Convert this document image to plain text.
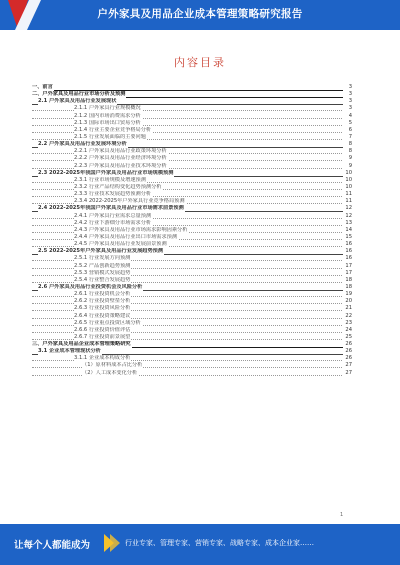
户外家具及用品企业成本管理策略研究报告
内容目录
一、前言	3
二、户外家具及用品行业市场分析及预测	3
2.1 户外家具及用品行业发展现状	3
2.1.1 户外家具行业规模概况	3
2.1.2 国内市场消费需求分析	4
2.1.3 国际市场出口贸易分析	5
2.1.4 行业主要企业竞争格局分析	6
2.1.5 行业发展面临的主要问题	7
2.2 户外家具及用品行业发展环境分析	8
2.2.1 户外家具及用品行业政策环境分析	8
2.2.2 户外家具及用品行业经济环境分析	9
2.2.3 户外家具及用品行业技术环境分析	9
2.3 2022-2025年我国户外家具及用品行业市场规模预测	10
2.3.1 行业市场规模及增速预测	10
2.3.2 行业产品结构变化趋势预测分析	10
2.3.3 行业技术发展趋势预测分析	11
2.3.4 2022-2025年户外家具行业竞争格局预测	11
2.4 2022-2025年我国户外家具及用品行业市场需求前景预测	12
2.4.1 户外家具行业需求总量预测	12
2.4.2 行业下游细分市场需求分析	13
2.4.3 户外家具及用品行业市场需求影响因素分析	14
2.4.4 户外家具及用品行业出口市场需求预测	15
2.4.5 户外家具及用品行业发展前景预测	16
2.5 2022-2025年户外家具及用品行业发展趋势预测	16
2.5.1 行业发展方向预测	16
2.5.2 产品创新趋势预测	17
2.5.3 营销模式发展趋势	17
2.5.4 行业整合发展趋势	18
2.6 户外家具及用品行业投资机会及风险分析	18
2.6.1 行业投资机会分析	19
2.6.2 行业投资壁垒分析	20
2.6.3 行业投资风险分析	21
2.6.4 行业投资策略建议	22
2.6.5 行业重点投资区域分析	23
2.6.6 行业投资价值评估	24
2.6.7 行业投资前景展望	25
三、户外家具及用品企业成本管理策略研究	26
3.1 企业成本管理现状分析	26
3.1.1 企业成本构成分析	26
（1）原材料成本占比分析	27
（2）人工成本变化分析	27
1
让每个人都能成为	行业专家、管理专家、营销专家、战略专家、成本企业家……
